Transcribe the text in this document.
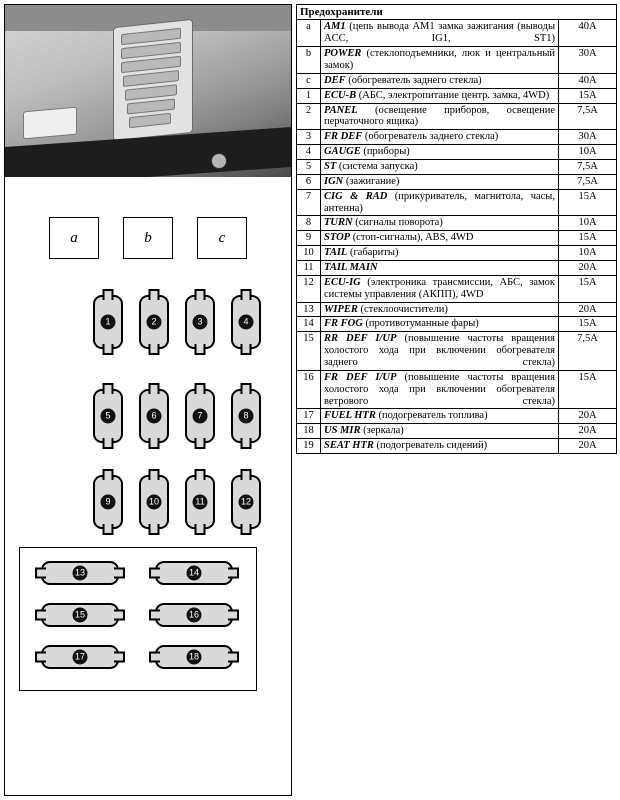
a	b	c
1	2	3	4
5	6	7	8
9	10	11	12
13	14
15	16
17	18
Предохранители		
a	AM1 (цепь вывода AM1 замка зажигания (выводы ACC, IG1, ST1)	40А
b	POWER (стеклоподъемники, люк и центральный замок)	30А
c	DEF (обогреватель заднего стекла)	40А
1	ECU-B (АБС, электропитание центр. замка, 4WD)	15А
2	PANEL (освещение приборов, освещение перчаточного ящика)	7,5А
3	FR DEF (обогреватель заднего стекла)	30А
4	GAUGE (приборы)	10А
5	ST (система запуска)	7,5А
6	IGN (зажигание)	7,5А
7	CIG & RAD (прикуриватель, магнитола, часы, антенна)	15А
8	TURN (сигналы поворота)	10А
9	STOP (стоп-сигналы), ABS, 4WD	15А
10	TAIL (габариты)	10А
11	TAIL MAIN	20А
12	ECU-IG (электроника трансмиссии, АБС, замок системы управления (АКПП), 4WD	15А
13	WIPER (стеклоочистители)	20А
14	FR FOG (противотуманные фары)	15А
15	RR DEF I/UP (повышение частоты вращения холостого хода при включении обогревателя заднего стекла)	7,5А
16	FR DEF I/UP (повышение частоты вращения холостого хода при включении обогревателя ветрового стекла)	15А
17	FUEL HTR (подогреватель топлива)	20А
18	US MIR (зеркала)	20А
19	SEAT HTR (подогреватель сидений)	20А
